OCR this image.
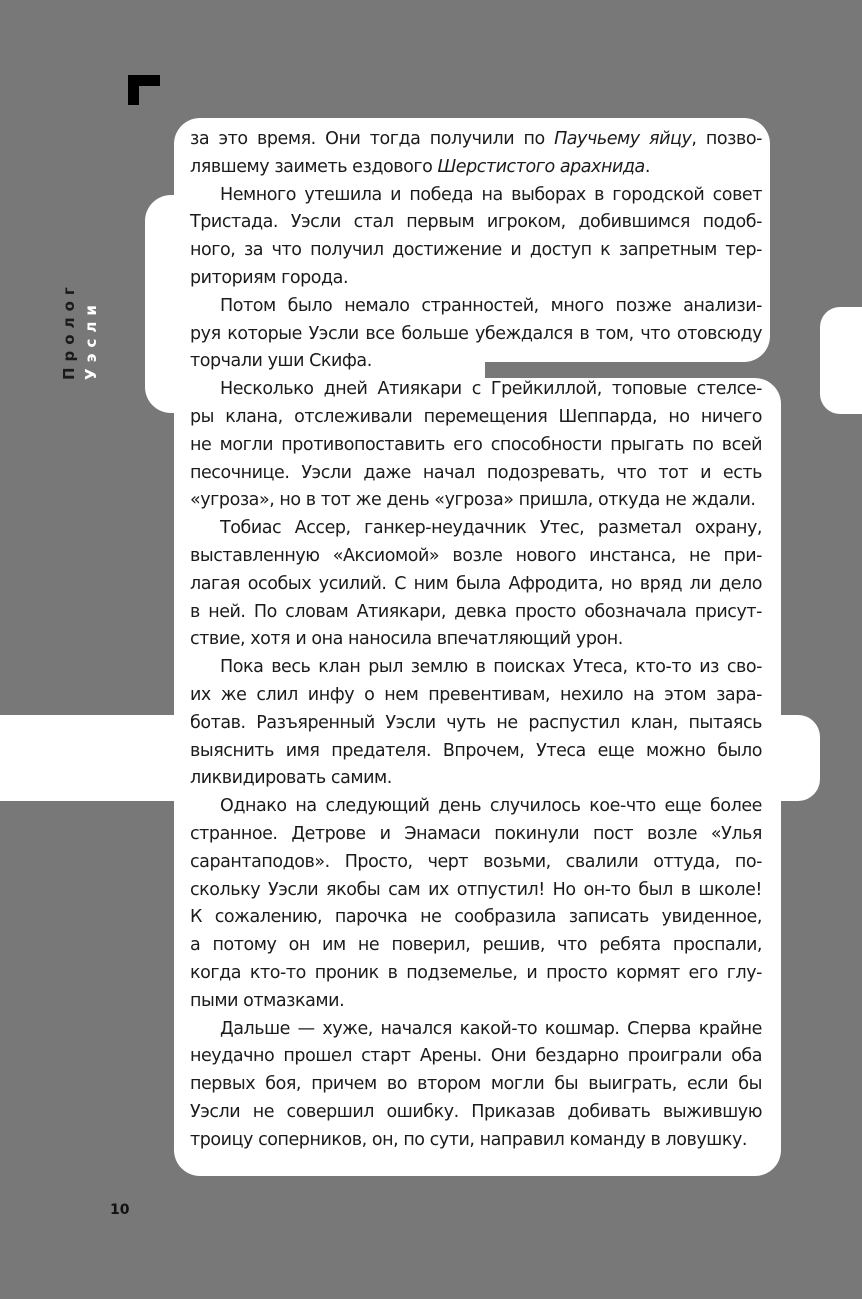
Пролог Уэсли
за это время. Они тогда получили по Паучьему яйцу, позво-
лявшему заиметь ездового Шерстистого арахнида.
Немного утешила и победа на выборах в городской совет
Тристада. Уэсли стал первым игроком, добившимся подоб-
ного, за что получил достижение и доступ к запретным тер-
риториям города.
Потом было немало странностей, много позже анализи-
руя которые Уэсли все больше убеждался в том, что отовсюду
торчали уши Скифа.
Несколько дней Атиякари с Грейкиллой, топовые стелсе-
ры клана, отслеживали перемещения Шеппарда, но ничего
не могли противопоставить его способности прыгать по всей
песочнице. Уэсли даже начал подозревать, что тот и есть
«угроза», но в тот же день «угроза» пришла, откуда не ждали.
Тобиас Ассер, ганкер-неудачник Утес, разметал охрану,
выставленную «Аксиомой» возле нового инстанса, не при-
лагая особых усилий. С ним была Афродита, но вряд ли дело
в ней. По словам Атиякари, девка просто обозначала присут-
ствие, хотя и она наносила впечатляющий урон.
Пока весь клан рыл землю в поисках Утеса, кто-то из сво-
их же слил инфу о нем превентивам, нехило на этом зара-
ботав. Разъяренный Уэсли чуть не распустил клан, пытаясь
выяснить имя предателя. Впрочем, Утеса еще можно было
ликвидировать самим.
Однако на следующий день случилось кое-что еще более
странное. Детрове и Энамаси покинули пост возле «Улья
сарантаподов». Просто, черт возьми, свалили оттуда, по-
скольку Уэсли якобы сам их отпустил! Но он-то был в школе!
К сожалению, парочка не сообразила записать увиденное,
а потому он им не поверил, решив, что ребята проспали,
когда кто-то проник в подземелье, и просто кормят его глу-
пыми отмазками.
Дальше — хуже, начался какой-то кошмар. Сперва крайне
неудачно прошел старт Арены. Они бездарно проиграли оба
первых боя, причем во втором могли бы выиграть, если бы
Уэсли не совершил ошибку. Приказав добивать выжившую
троицу соперников, он, по сути, направил команду в ловушку.
10
